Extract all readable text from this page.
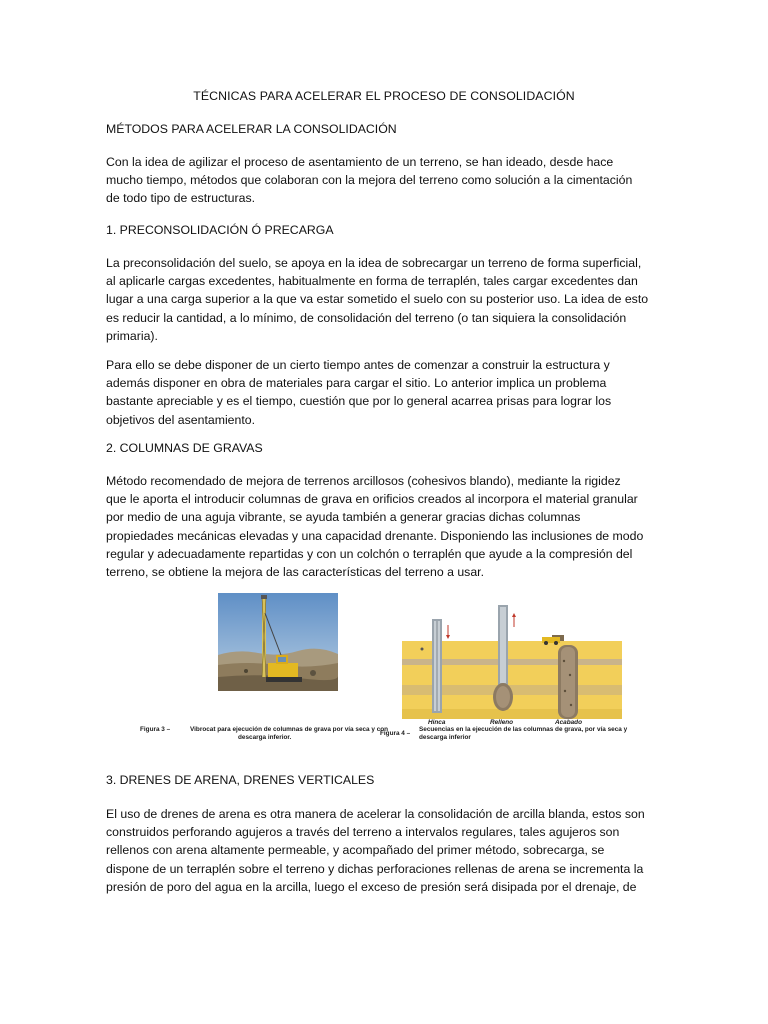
TÉCNICAS PARA ACELERAR EL PROCESO DE CONSOLIDACIÓN
MÉTODOS PARA ACELERAR LA CONSOLIDACIÓN
Con la idea de agilizar el proceso de asentamiento de un terreno, se han ideado, desde hace
mucho tiempo, métodos que colaboran con la mejora del terreno como solución a la cimentación
de todo tipo de estructuras.
1. PRECONSOLIDACIÓN Ó PRECARGA
La preconsolidación del suelo, se apoya en la idea de sobrecargar un terreno de forma superficial,
al aplicarle cargas excedentes, habitualmente en forma de terraplén, tales cargar excedentes dan
lugar a una carga superior a la que va estar sometido el suelo con su posterior uso. La idea de esto
es reducir la cantidad, a lo mínimo, de consolidación del terreno (o tan siquiera la consolidación
primaria).
Para ello se debe disponer de un cierto tiempo antes de comenzar a construir la estructura y
además disponer en obra de materiales para cargar el sitio. Lo anterior implica un problema
bastante apreciable y es el tiempo, cuestión que por lo general acarrea prisas para lograr los
objetivos del asentamiento.
2. COLUMNAS DE GRAVAS
Método recomendado de mejora de terrenos arcillosos (cohesivos blando), mediante la rigidez
que le aporta el introducir columnas de grava en orificios creados al incorpora el material granular
por medio de una aguja vibrante, se ayuda también a generar gracias dichas columnas
propiedades mecánicas elevadas y una capacidad drenante. Disponiendo las inclusiones de modo
regular y adecuadamente repartidas y con un colchón o terraplén que ayude a la compresión del
terreno, se obtiene la mejora de las características del terreno a usar.
Hinca	Relleno	Acabado
Figura 3 –	Vibrocat para ejecución de columnas de grava por vía seca y con
descarga inferior.
Figura 4 –
Secuencias en la ejecución de las columnas de grava, por vía seca y
descarga inferior
3. DRENES DE ARENA, DRENES VERTICALES
El uso de drenes de arena es otra manera de acelerar la consolidación de arcilla blanda, estos son
construidos perforando agujeros a través del terreno a intervalos regulares, tales agujeros son
rellenos con arena altamente permeable, y acompañado del primer método, sobrecarga, se
dispone de un terraplén sobre el terreno y dichas perforaciones rellenas de arena se incrementa la
presión de poro del agua en la arcilla, luego el exceso de presión será disipada por el drenaje, de
